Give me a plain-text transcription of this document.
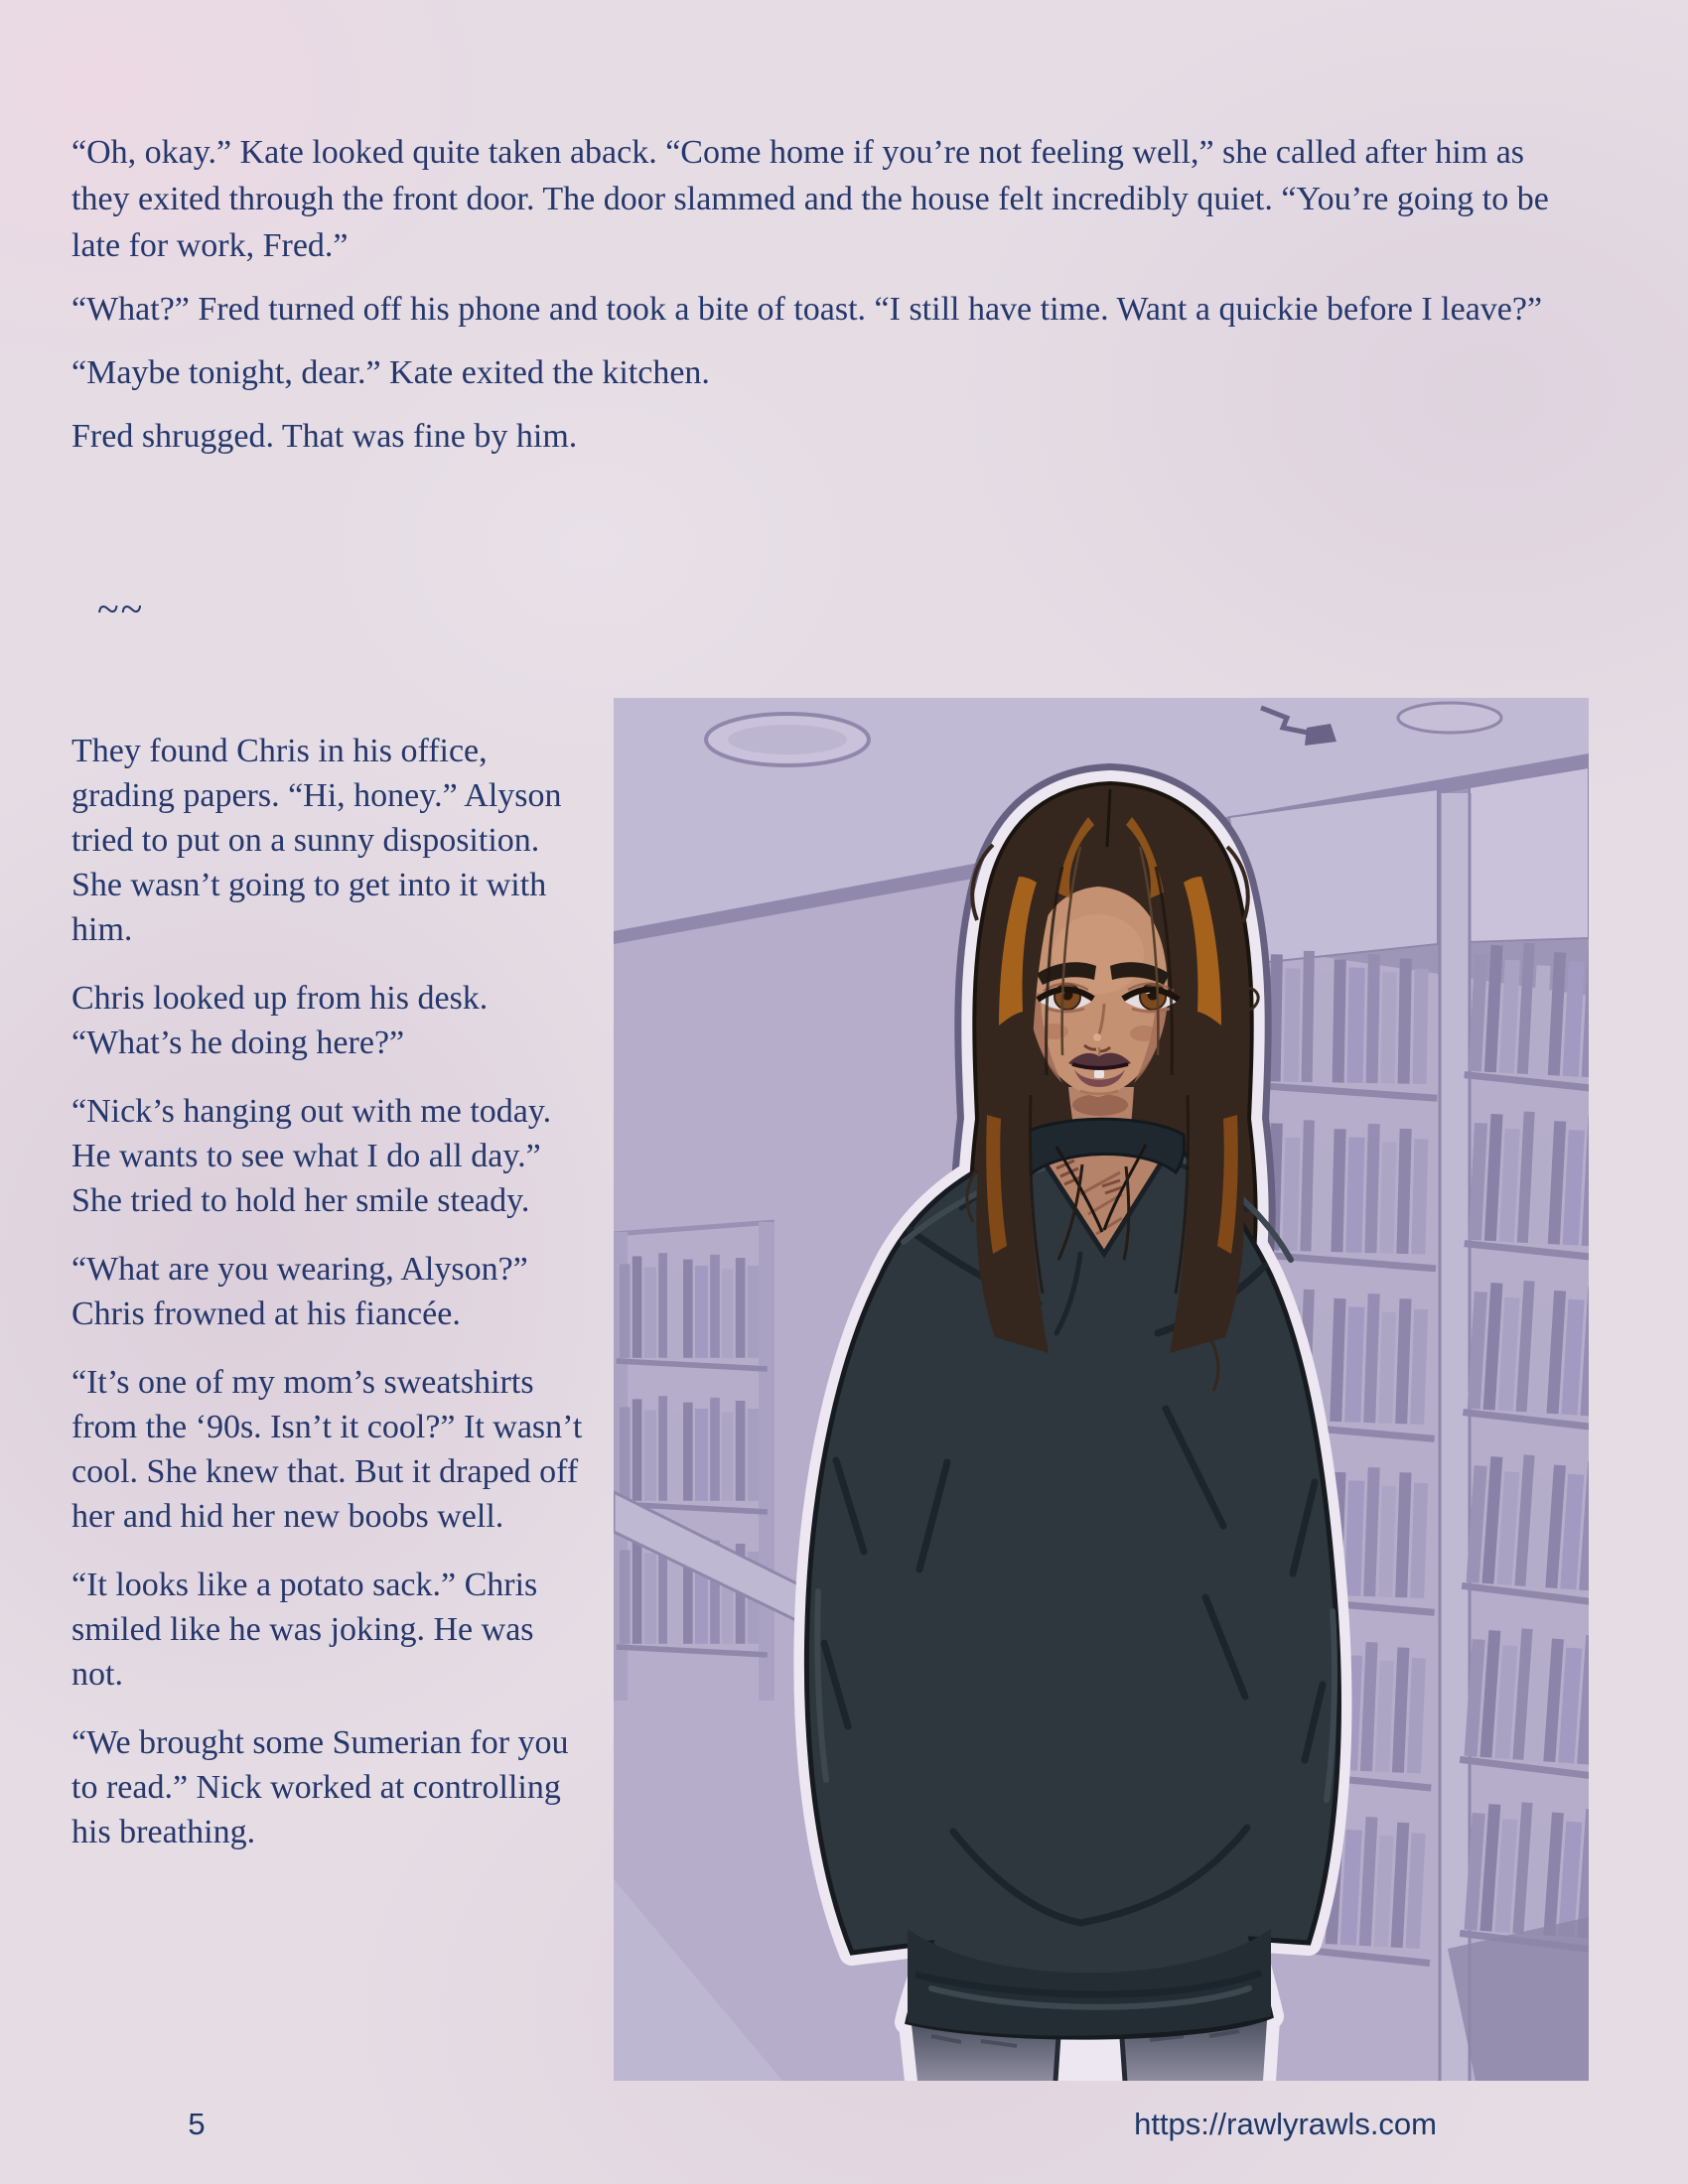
“Oh, okay.” Kate looked quite taken aback. “Come home if you’re not feeling well,” she called after him as they exited through the front door. The door slammed and the house felt incredibly quiet. “You’re going to be late for work, Fred.”

“What?” Fred turned off his phone and took a bite of toast. “I still have time. Want a quickie before I leave?”

“Maybe tonight, dear.” Kate exited the kitchen.

Fred shrugged. That was fine by him.

~~

They found Chris in his office, grading papers. “Hi, honey.” Alyson tried to put on a sunny disposition. She wasn’t going to get into it with him.

Chris looked up from his desk. “What’s he doing here?”

“Nick’s hanging out with me today. He wants to see what I do all day.” She tried to hold her smile steady.

“What are you wearing, Alyson?” Chris frowned at his fiancée.

“It’s one of my mom’s sweatshirts from the ‘90s. Isn’t it cool?” It wasn’t cool. She knew that. But it draped off her and hid her new boobs well.

“It looks like a potato sack.” Chris smiled like he was joking. He was not.

“We brought some Sumerian for you to read.” Nick worked at controlling his breathing.

5	https://rawlyrawls.com
